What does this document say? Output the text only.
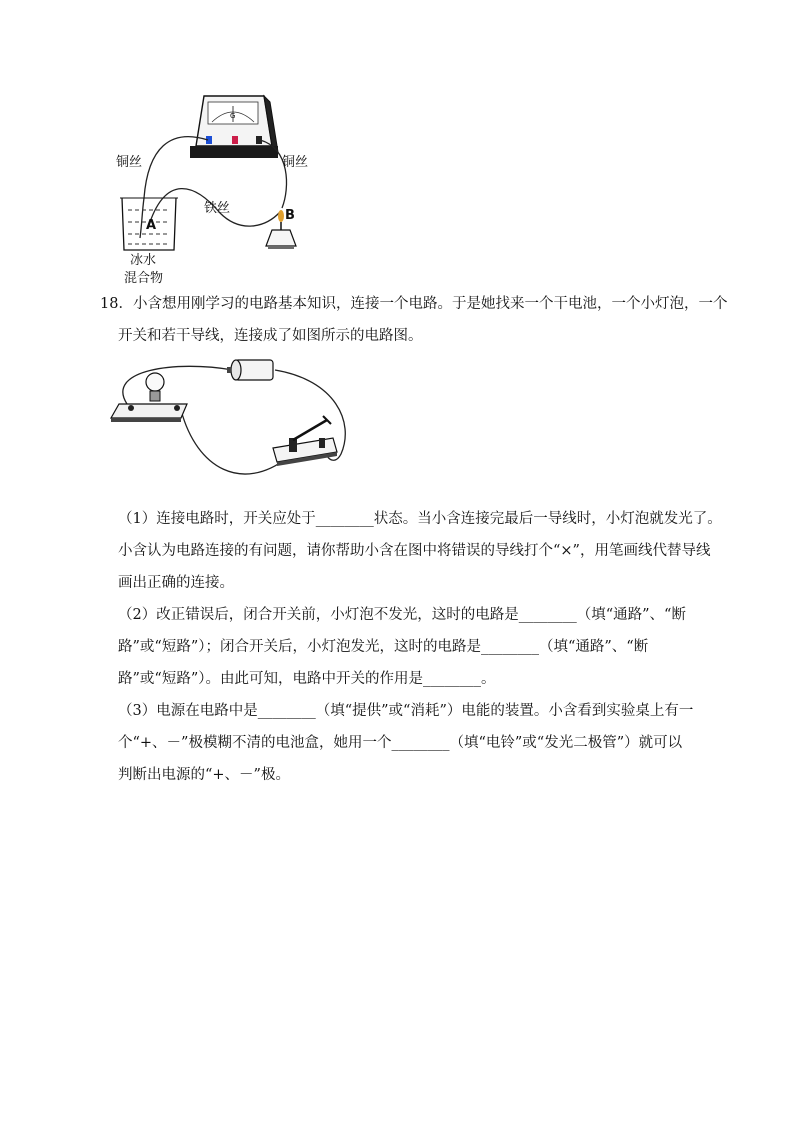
G
铜丝	铜丝
铁丝
A
B
冰水
混合物
18．小含想用刚学习的电路基本知识，连接一个电路。于是她找来一个干电池，一个小灯泡，一个
开关和若干导线，连接成了如图所示的电路图。
（1）连接电路时，开关应处于________状态。当小含连接完最后一导线时，小灯泡就发光了。
小含认为电路连接的有问题，请你帮助小含在图中将错误的导线打个“×”，用笔画线代替导线
画出正确的连接。
（2）改正错误后，闭合开关前，小灯泡不发光，这时的电路是________（填“通路”、“断
路”或“短路”）；闭合开关后，小灯泡发光，这时的电路是________（填“通路”、“断
路”或“短路”）。由此可知，电路中开关的作用是________。
（3）电源在电路中是________（填“提供”或“消耗”）电能的装置。小含看到实验桌上有一
个“+、－”极模糊不清的电池盒，她用一个________（填“电铃”或“发光二极管”）就可以
判断出电源的“+、－”极。
